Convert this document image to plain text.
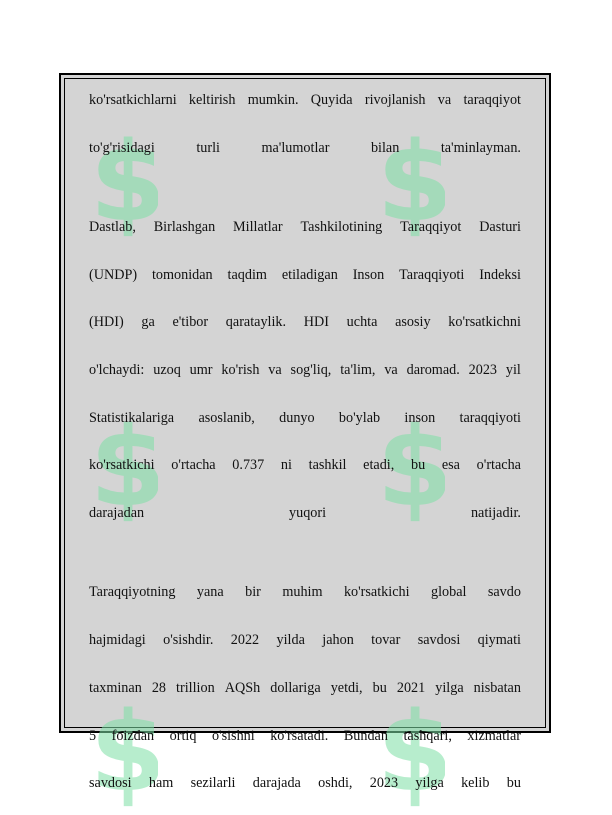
$ $
$ $
$ $
ko'rsatkichlarni keltirish mumkin. Quyida rivojlanish va taraqqiyot
to'g'risidagi	turli	ma'lumotlar	bilan	ta'minlayman.
Dastlab, Birlashgan Millatlar Tashkilotining Taraqqiyot Dasturi
(UNDP) tomonidan taqdim etiladigan Inson Taraqqiyoti Indeksi
(HDI) ga e'tibor qarataylik. HDI uchta asosiy ko'rsatkichni
o'lchaydi: uzoq umr ko'rish va sog'liq, ta'lim, va daromad. 2023 yil
Statistikalariga asoslanib, dunyo bo'ylab inson taraqqiyoti
ko'rsatkichi o'rtacha 0.737 ni tashkil etadi, bu esa o'rtacha
darajadan	yuqori	natijadir.
Taraqqiyotning yana bir muhim ko'rsatkichi global savdo
hajmidagi o'sishdir. 2022 yilda jahon tovar savdosi qiymati
taxminan 28 trillion AQSh dollariga yetdi, bu 2021 yilga nisbatan
5 foizdan ortiq o'sishni ko'rsatadi. Bundan tashqari, xizmatlar
savdosi ham sezilarli darajada oshdi, 2023 yilga kelib bu
